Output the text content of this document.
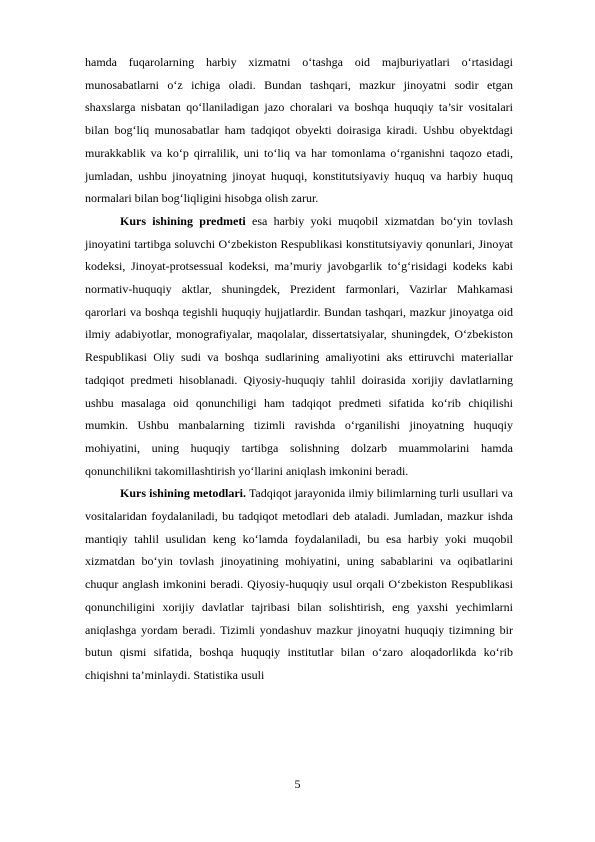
hamda fuqarolarning harbiy xizmatni o‘tashga oid majburiyatlari o‘rtasidagi munosabatlarni o‘z ichiga oladi. Bundan tashqari, mazkur jinoyatni sodir etgan shaxslarga nisbatan qo‘llaniladigan jazo choralari va boshqa huquqiy ta’sir vositalari bilan bog‘liq munosabatlar ham tadqiqot obyekti doirasiga kiradi. Ushbu obyektdagi murakkablik va ko‘p qirralilik, uni to‘liq va har tomonlama o‘rganishni taqozo etadi, jumladan, ushbu jinoyatning jinoyat huquqi, konstitutsiyaviy huquq va harbiy huquq normalari bilan bog‘liqligini hisobga olish zarur.

Kurs ishining predmeti esa harbiy yoki muqobil xizmatdan bo‘yin tovlash jinoyatini tartibga soluvchi O‘zbekiston Respublikasi konstitutsiyaviy qonunlari, Jinoyat kodeksi, Jinoyat-protsessual kodeksi, ma’muriy javobgarlik to‘g‘risidagi kodeks kabi normativ-huquqiy aktlar, shuningdek, Prezident farmonlari, Vazirlar Mahkamasi qarorlari va boshqa tegishli huquqiy hujjatlardir. Bundan tashqari, mazkur jinoyatga oid ilmiy adabiyotlar, monografiyalar, maqolalar, dissertatsiyalar, shuningdek, O‘zbekiston Respublikasi Oliy sudi va boshqa sudlarining amaliyotini aks ettiruvchi materiallar tadqiqot predmeti hisoblanadi. Qiyosiy-huquqiy tahlil doirasida xorijiy davlatlarning ushbu masalaga oid qonunchiligi ham tadqiqot predmeti sifatida ko‘rib chiqilishi mumkin. Ushbu manbalarning tizimli ravishda o‘rganilishi jinoyatning huquqiy mohiyatini, uning huquqiy tartibga solishning dolzarb muammolarini hamda qonunchilikni takomillashtirish yo‘llarini aniqlash imkonini beradi.

Kurs ishining metodlari. Tadqiqot jarayonida ilmiy bilimlarning turli usullari va vositalaridan foydalaniladi, bu tadqiqot metodlari deb ataladi. Jumladan, mazkur ishda mantiqiy tahlil usulidan keng ko‘lamda foydalaniladi, bu esa harbiy yoki muqobil xizmatdan bo‘yin tovlash jinoyatining mohiyatini, uning sabablarini va oqibatlarini chuqur anglash imkonini beradi. Qiyosiy-huquqiy usul orqali O‘zbekiston Respublikasi qonunchiligini xorijiy davlatlar tajribasi bilan solishtirish, eng yaxshi yechimlarni aniqlashga yordam beradi. Tizimli yondashuv mazkur jinoyatni huquqiy tizimning bir butun qismi sifatida, boshqa huquqiy institutlar bilan o‘zaro aloqadorlikda ko‘rib chiqishni ta’minlaydi. Statistika usuli

5
